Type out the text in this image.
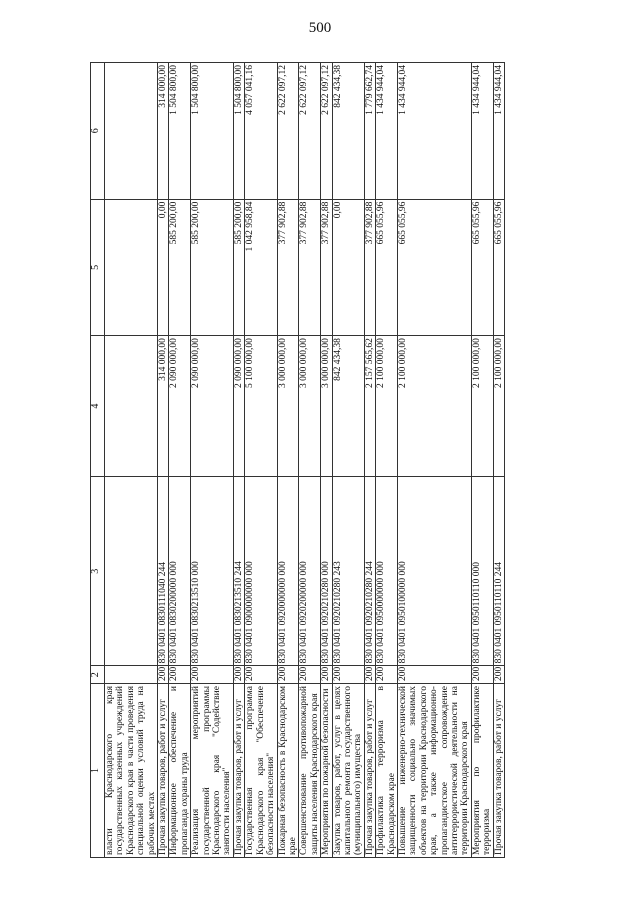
500
1	2	3	4	5	6
власти Краснодарского края государственных казенных учреждений Краснодарского края в части проведения специальной оценки условий труда на рабочих местах					
Прочая закупка товаров, работ и услуг	200	830 0401 0830111040 244	314 000,00	0,00	314 000,00
Информационное обеспечение и пропаганда охраны труда	200	830 0401 0830200000 000	2 090 000,00	585 200,00	1 504 800,00
Реализация мероприятий государственной программы Краснодарского края "Содействие занятости населения"	200	830 0401 0830213510 000	2 090 000,00	585 200,00	1 504 800,00
Прочая закупка товаров, работ и услуг	200	830 0401 0830213510 244	2 090 000,00	585 200,00	1 504 800,00
Государственная программа Краснодарского края "Обеспечение безопасности населения"	200	830 0401 0900000000 000	5 100 000,00	1 042 958,84	4 057 041,16
Пожарная безопасность в Краснодарском крае	200	830 0401 0920000000 000	3 000 000,00	377 902,88	2 622 097,12
Совершенствование противопожарной защиты населения Краснодарского края	200	830 0401 0920200000 000	3 000 000,00	377 902,88	2 622 097,12
Мероприятия по пожарной безопасности	200	830 0401 0920210280 000	3 000 000,00	377 902,88	2 622 097,12
Закупка товаров, работ, услуг в целях капитального ремонта государственного (муниципального) имущества	200	830 0401 0920210280 243	842 434,38	0,00	842 434,38
Прочая закупка товаров, работ и услуг	200	830 0401 0920210280 244	2 157 565,62	377 902,88	1 779 662,74
Профилактика терроризма в Краснодарском крае	200	830 0401 0950000000 000	2 100 000,00	665 055,96	1 434 944,04
Повышение инженерно-технической защищенности социально значимых объектов на территории Краснодарского края, а также информационно-пропагандистское сопровождение антитеррористической деятельности на территории Краснодарского края	200	830 0401 0950100000 000	2 100 000,00	665 055,96	1 434 944,04
Мероприятия по профилактике терроризма	200	830 0401 0950110110 000	2 100 000,00	665 055,96	1 434 944,04
Прочая закупка товаров, работ и услуг	200	830 0401 0950110110 244	2 100 000,00	665 055,96	1 434 944,04
